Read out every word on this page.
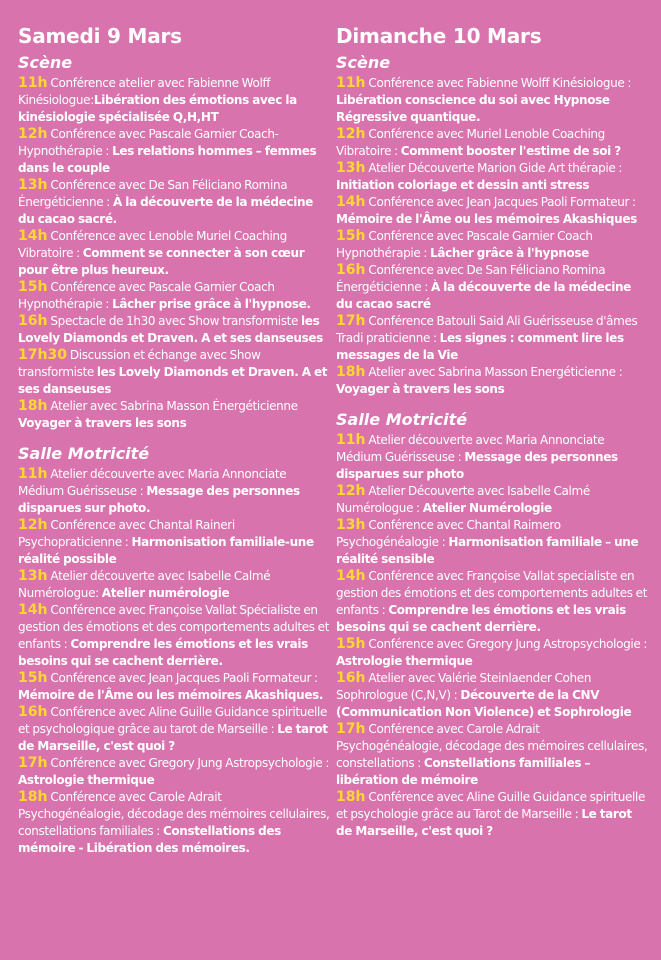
Samedi 9 Mars
Scène

11h Conférence atelier avec Fabienne Wolff Kinésiologue:Libération des émotions avec la kinésiologie spécialisée Q,H,HT

12h Conférence avec Pascale Garnier Coach-Hypnothérapie : Les relations hommes – femmes dans le couple

13h Conférence avec De San Féliciano Romina Énergéticienne : À la découverte de la médecine du cacao sacré.

14h Conférence avec Lenoble Muriel Coaching Vibratoire : Comment se connecter à son cœur pour être plus heureux.

15h Conférence avec Pascale Garnier Coach Hypnothérapie : Lâcher prise grâce à l'hypnose.

16h Spectacle de 1h30 avec Show transformiste les Lovely Diamonds et Draven. A et ses danseuses

17h30 Discussion et échange avec Show transformiste les Lovely Diamonds et Draven. A et ses danseuses

18h Atelier avec Sabrina Masson Énergéticienne Voyager à travers les sons

Salle Motricité

11h Atelier découverte avec Maria Annonciate Médium Guérisseuse : Message des personnes disparues sur photo.

12h Conférence avec Chantal Raineri Psychopraticienne : Harmonisation familiale-une réalité possible

13h Atelier découverte avec Isabelle Calmé Numérologue: Atelier numérologie

14h Conférence avec Françoise Vallat Spécialiste en gestion des émotions et des comportements adultes et enfants : Comprendre les émotions et les vrais besoins qui se cachent derrière.

15h Conférence avec Jean Jacques Paoli Formateur : Mémoire de l'Âme ou les mémoires Akashiques.

16h Conférence avec Aline Guille Guidance spirituelle et psychologique grâce au tarot de Marseille : Le tarot de Marseille, c'est quoi ?

17h Conférence avec Gregory Jung Astropsychologie : Astrologie thermique

18h Conférence avec Carole Adrait Psychogénéalogie, décodage des mémoires cellulaires, constellations familiales : Constellations des mémoire - Libération des mémoires.

Dimanche 10 Mars
Scène

11h Conférence avec Fabienne Wolff Kinésiologue : Libération conscience du soi avec Hypnose Régressive quantique.

12h Conférence avec Muriel Lenoble Coaching Vibratoire : Comment booster l'estime de soi ?

13h Atelier Découverte Marion Gide Art thérapie : Initiation coloriage et dessin anti stress

14h Conférence avec Jean Jacques Paoli Formateur : Mémoire de l'Âme ou les mémoires Akashiques

15h Conférence avec Pascale Garnier Coach Hypnothérapie : Lâcher grâce à l'hypnose

16h Conférence avec De San Féliciano Romina Énergéticienne : À la découverte de la médecine du cacao sacré

17h Conférence Batouli Said Ali Guérisseuse d'âmes Tradi praticienne : Les signes : comment lire les messages de la Vie

18h Atelier avec Sabrina Masson Energéticienne : Voyager à travers les sons

Salle Motricité

11h Atelier découverte avec Maria Annonciate Médium Guérisseuse : Message des personnes disparues sur photo

12h Atelier Découverte avec Isabelle Calmé Numérologue : Atelier Numérologie

13h Conférence avec Chantal Raimero Psychogénéalogie : Harmonisation familiale – une réalité sensible

14h Conférence avec Françoise Vallat specialiste en gestion des émotions et des comportements adultes et enfants : Comprendre les émotions et les vrais besoins qui se cachent derrière.

15h Conférence avec Gregory Jung Astropsychologie : Astrologie thermique

16h Atelier avec Valérie Steinlaender Cohen Sophrologue (C,N,V) : Découverte de la CNV (Communication Non Violence) et Sophrologie

17h Conférence avec Carole Adrait Psychogénéalogie, décodage des mémoires cellulaires, constellations : Constellations familiales – libération de mémoire

18h Conférence avec Aline Guille Guidance spirituelle et psychologie grâce au Tarot de Marseille : Le tarot de Marseille, c'est quoi ?
